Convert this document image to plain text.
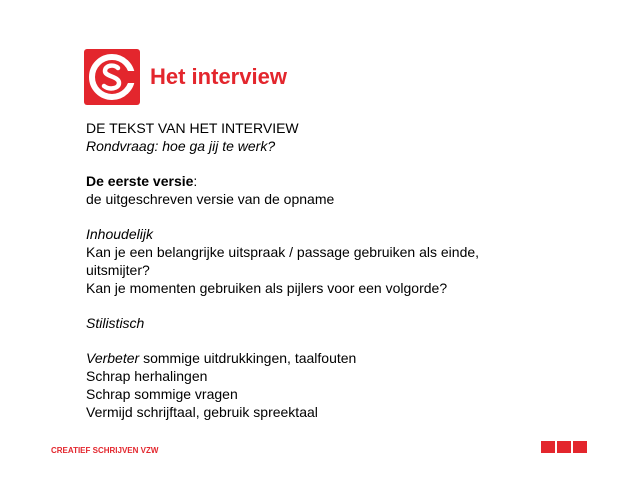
Het interview
DE TEKST VAN HET INTERVIEW
Rondvraag: hoe ga jij te werk?
De eerste versie:
de uitgeschreven versie van de opname
Inhoudelijk
Kan je een belangrijke uitspraak / passage gebruiken als einde,
uitsmijter?
Kan je momenten gebruiken als pijlers voor een volgorde?
Stilistisch
Verbeter sommige uitdrukkingen, taalfouten
Schrap herhalingen
Schrap sommige vragen
Vermijd schrijftaal, gebruik spreektaal
CREATIEF SCHRIJVEN VZW
